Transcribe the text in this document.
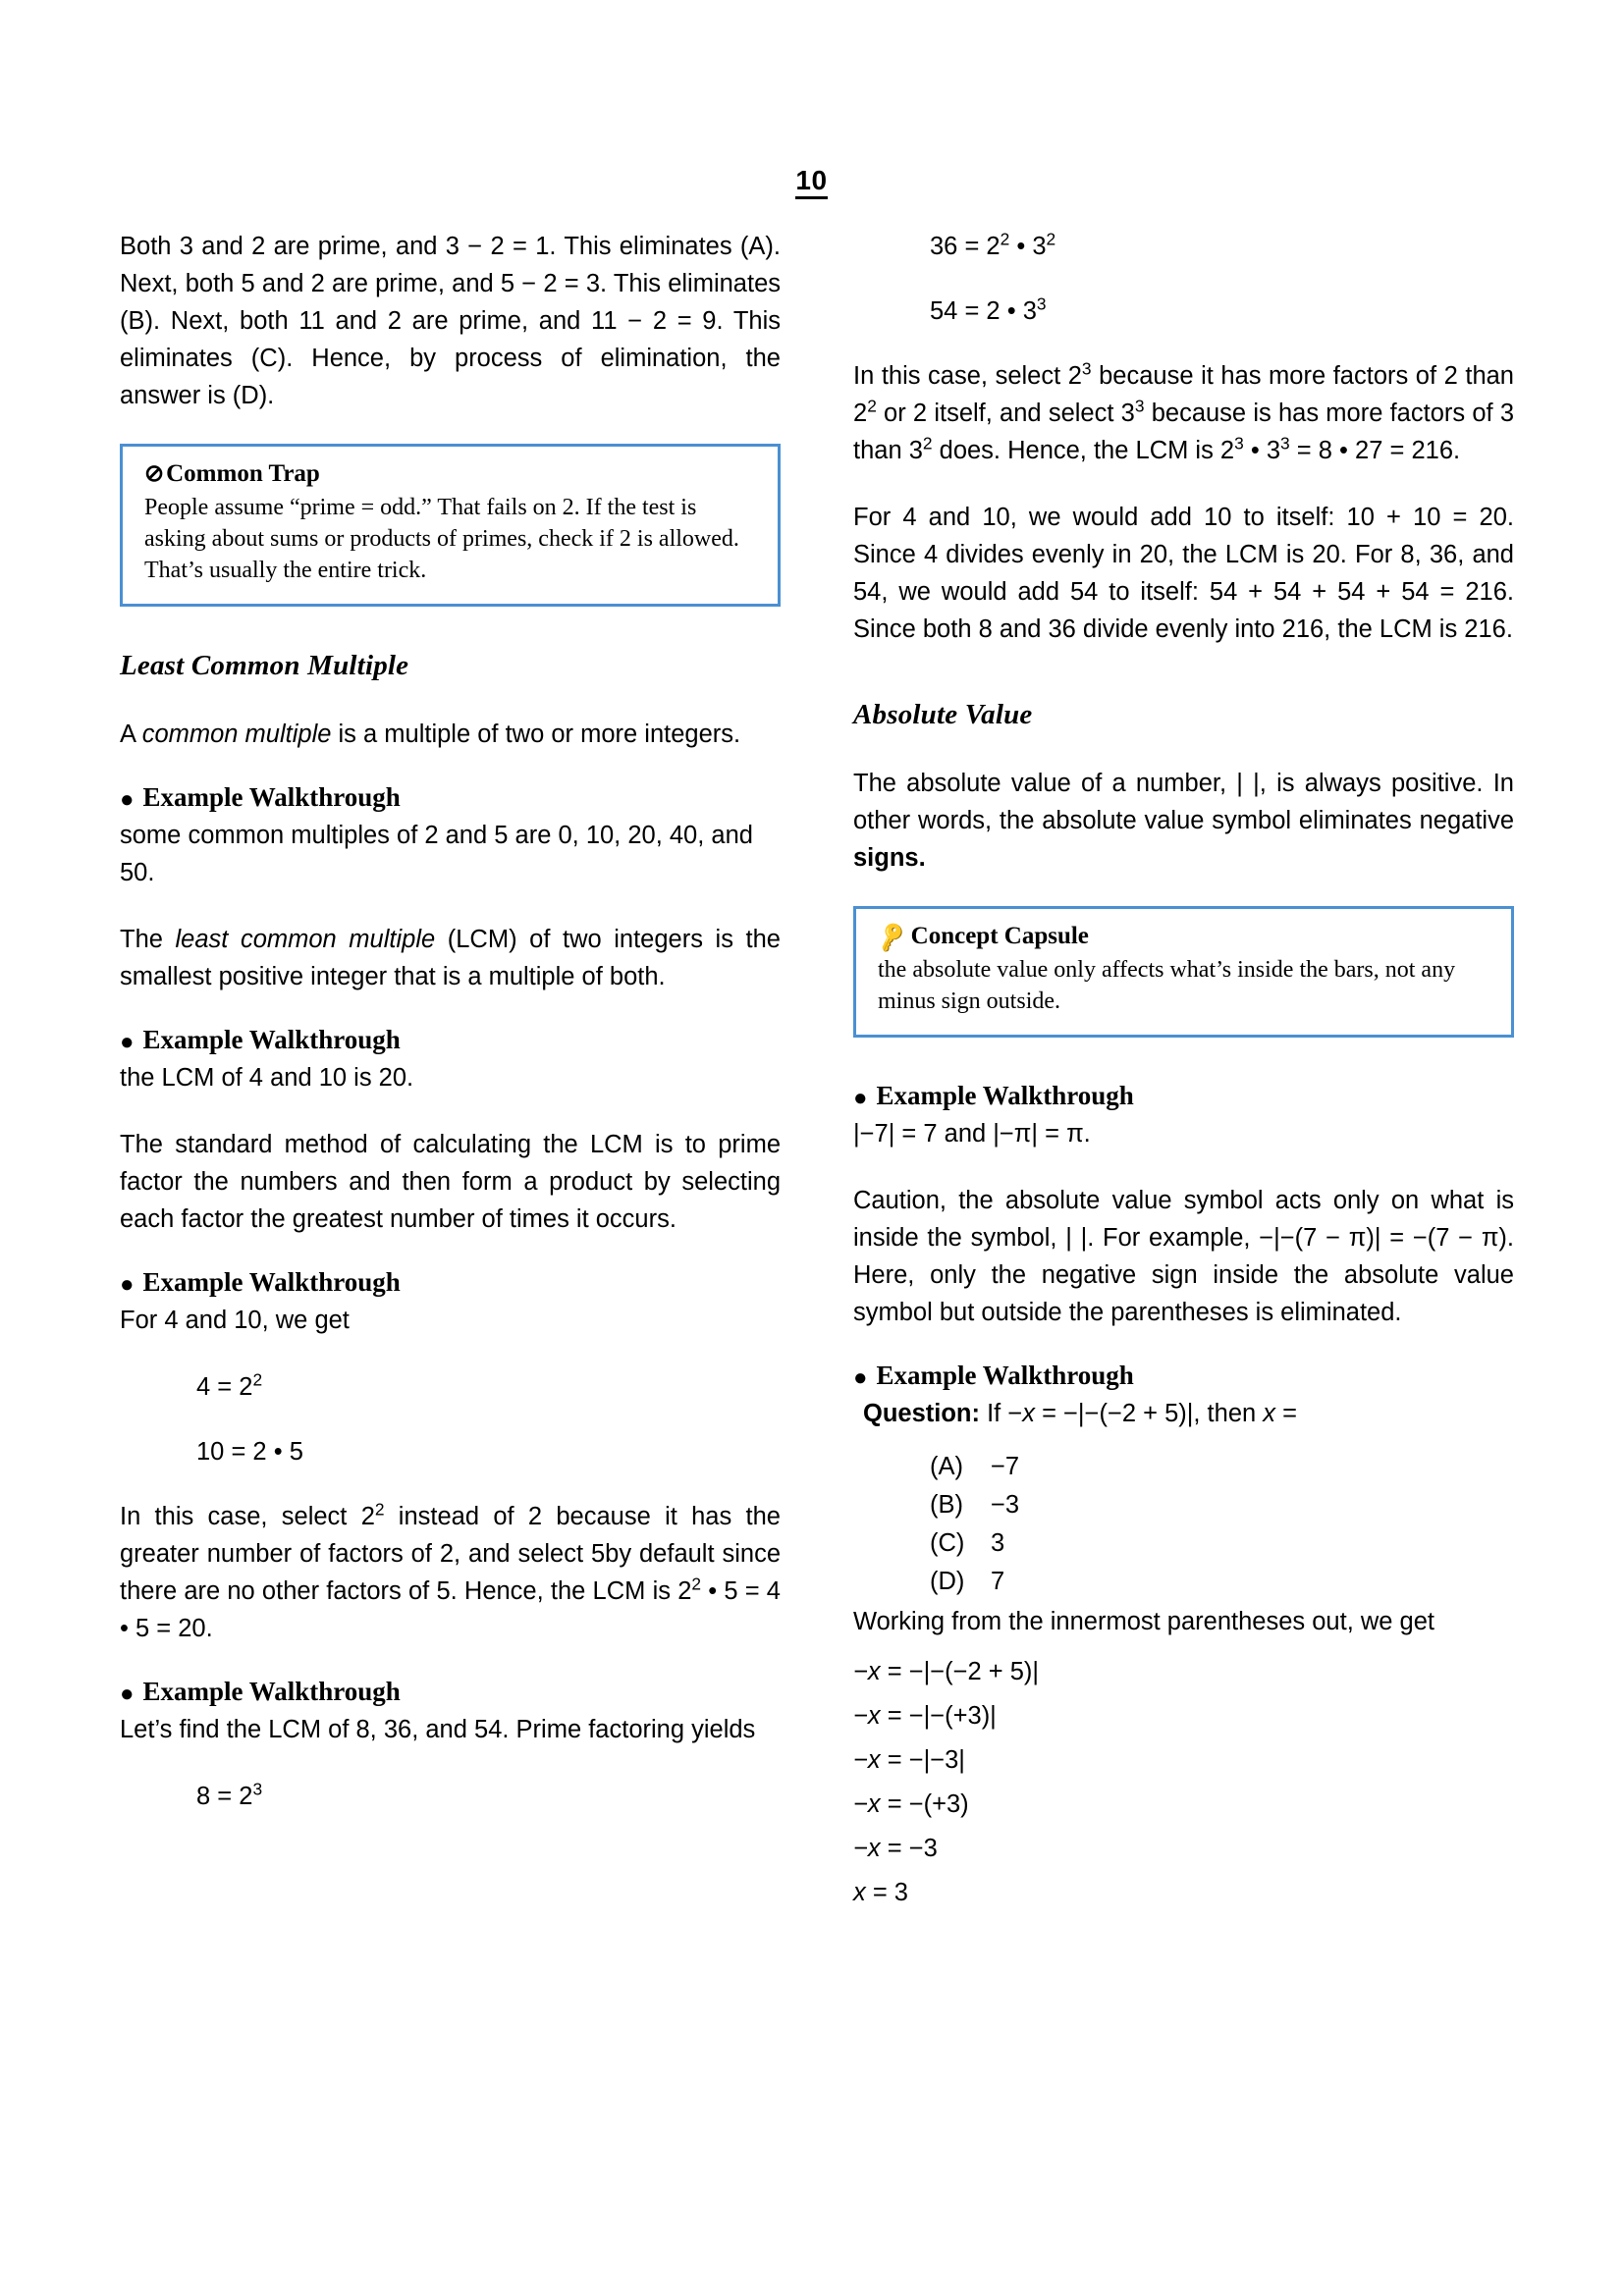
10

Both 3 and 2 are prime, and 3 − 2 = 1. This eliminates (A). Next, both 5 and 2 are prime, and 5 − 2 = 3. This eliminates (B). Next, both 11 and 2 are prime, and 11 − 2 = 9. This eliminates (C). Hence, by process of elimination, the answer is (D).

⊘ Common Trap

People assume “prime = odd.” That fails on 2. If the test is asking about sums or products of primes, check if 2 is allowed. That’s usually the entire trick.

Least Common Multiple

A common multiple is a multiple of two or more integers.

● Example Walkthrough

some common multiples of 2 and 5 are 0, 10, 20, 40, and 50.

The least common multiple (LCM) of two integers is the smallest positive integer that is a multiple of both.

● Example Walkthrough

the LCM of 4 and 10 is 20.

The standard method of calculating the LCM is to prime factor the numbers and then form a product by selecting each factor the greatest number of times it occurs.

● Example Walkthrough

For 4 and 10, we get

$4 = 2^2$
10 = 2 • 5

In this case, select $2^2$ instead of 2 because it has the greater number of factors of 2, and select 5by default since there are no other factors of 5. Hence, the LCM is $2^2$ • 5 = 4 • 5 = 20.

● Example Walkthrough

Let’s find the LCM of 8, 36, and 54. Prime factoring yields

$8 = 2^3$
$36 = 2^2$ • $3^2$
54 = 2 • $3^3$

In this case, select $2^3$ because it has more factors of 2 than $2^2$ or 2 itself, and select $3^3$ because is has more factors of 3 than $3^2$ does. Hence, the LCM is $2^3$ • $3^3 = 8$ • 27 = 216.

For 4 and 10, we would add 10 to itself: 10 + 10 = 20. Since 4 divides evenly in 20, the LCM is 20. For 8, 36, and 54, we would add 54 to itself: 54 + 54 + 54 + 54 = 216. Since both 8 and 36 divide evenly into 216, the LCM is 216.

Absolute Value

The absolute value of a number, | |, is always positive. In other words, the absolute value symbol eliminates negative signs.

🔑 Concept Capsule

the absolute value only affects what’s inside the bars, not any minus sign outside.

● Example Walkthrough

|−7| = 7 and |−π| = π.

Caution, the absolute value symbol acts only on what is inside the symbol, | |. For example, −|−(7 − π)| = −(7 − π). Here, only the negative sign inside the absolute value symbol but outside the parentheses is eliminated.

● Example Walkthrough

Question: If −x = −|−(−2 + 5)|, then x =

(A)	−7
(B)	−3
(C)	3
(D)	7

Working from the innermost parentheses out, we get

−x = −|−(−2 + 5)|
−x = −|−(+3)|
−x = −|−3|
−x = −(+3)
−x = −3
x = 3
